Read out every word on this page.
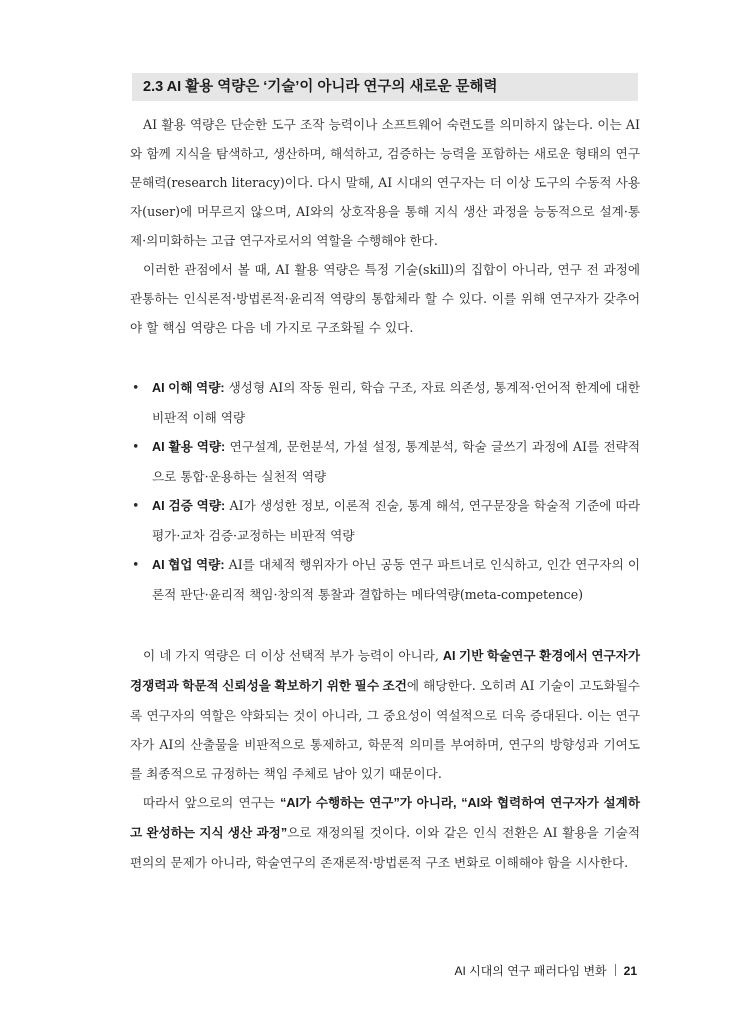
2.3 AI 활용 역량은 ‘기술’이 아니라 연구의 새로운 문해력

AI 활용 역량은 단순한 도구 조작 능력이나 소프트웨어 숙련도를 의미하지 않는다. 이는 AI와 함께 지식을 탐색하고, 생산하며, 해석하고, 검증하는 능력을 포함하는 새로운 형태의 연구 문해력(research literacy)이다. 다시 말해, AI 시대의 연구자는 더 이상 도구의 수동적 사용자(user)에 머무르지 않으며, AI와의 상호작용을 통해 지식 생산 과정을 능동적으로 설계·통제·의미화하는 고급 연구자로서의 역할을 수행해야 한다.

이러한 관점에서 볼 때, AI 활용 역량은 특정 기술(skill)의 집합이 아니라, 연구 전 과정에 관통하는 인식론적·방법론적·윤리적 역량의 통합체라 할 수 있다. 이를 위해 연구자가 갖추어야 할 핵심 역량은 다음 네 가지로 구조화될 수 있다.

• AI 이해 역량: 생성형 AI의 작동 원리, 학습 구조, 자료 의존성, 통계적·언어적 한계에 대한 비판적 이해 역량
• AI 활용 역량: 연구설계, 문헌분석, 가설 설정, 통계분석, 학술 글쓰기 과정에 AI를 전략적으로 통합·운용하는 실천적 역량
• AI 검증 역량: AI가 생성한 정보, 이론적 진술, 통계 해석, 연구문장을 학술적 기준에 따라 평가·교차 검증·교정하는 비판적 역량
• AI 협업 역량: AI를 대체적 행위자가 아닌 공동 연구 파트너로 인식하고, 인간 연구자의 이론적 판단·윤리적 책임·창의적 통찰과 결합하는 메타역량(meta-competence)

이 네 가지 역량은 더 이상 선택적 부가 능력이 아니라, AI 기반 학술연구 환경에서 연구자가 경쟁력과 학문적 신뢰성을 확보하기 위한 필수 조건에 해당한다. 오히려 AI 기술이 고도화될수록 연구자의 역할은 약화되는 것이 아니라, 그 중요성이 역설적으로 더욱 증대된다. 이는 연구자가 AI의 산출물을 비판적으로 통제하고, 학문적 의미를 부여하며, 연구의 방향성과 기여도를 최종적으로 규정하는 책임 주체로 남아 있기 때문이다.

따라서 앞으로의 연구는 “AI가 수행하는 연구”가 아니라, “AI와 협력하여 연구자가 설계하고 완성하는 지식 생산 과정”으로 재정의될 것이다. 이와 같은 인식 전환은 AI 활용을 기술적 편의의 문제가 아니라, 학술연구의 존재론적·방법론적 구조 변화로 이해해야 함을 시사한다.

AI 시대의 연구 패러다임 변화 21
